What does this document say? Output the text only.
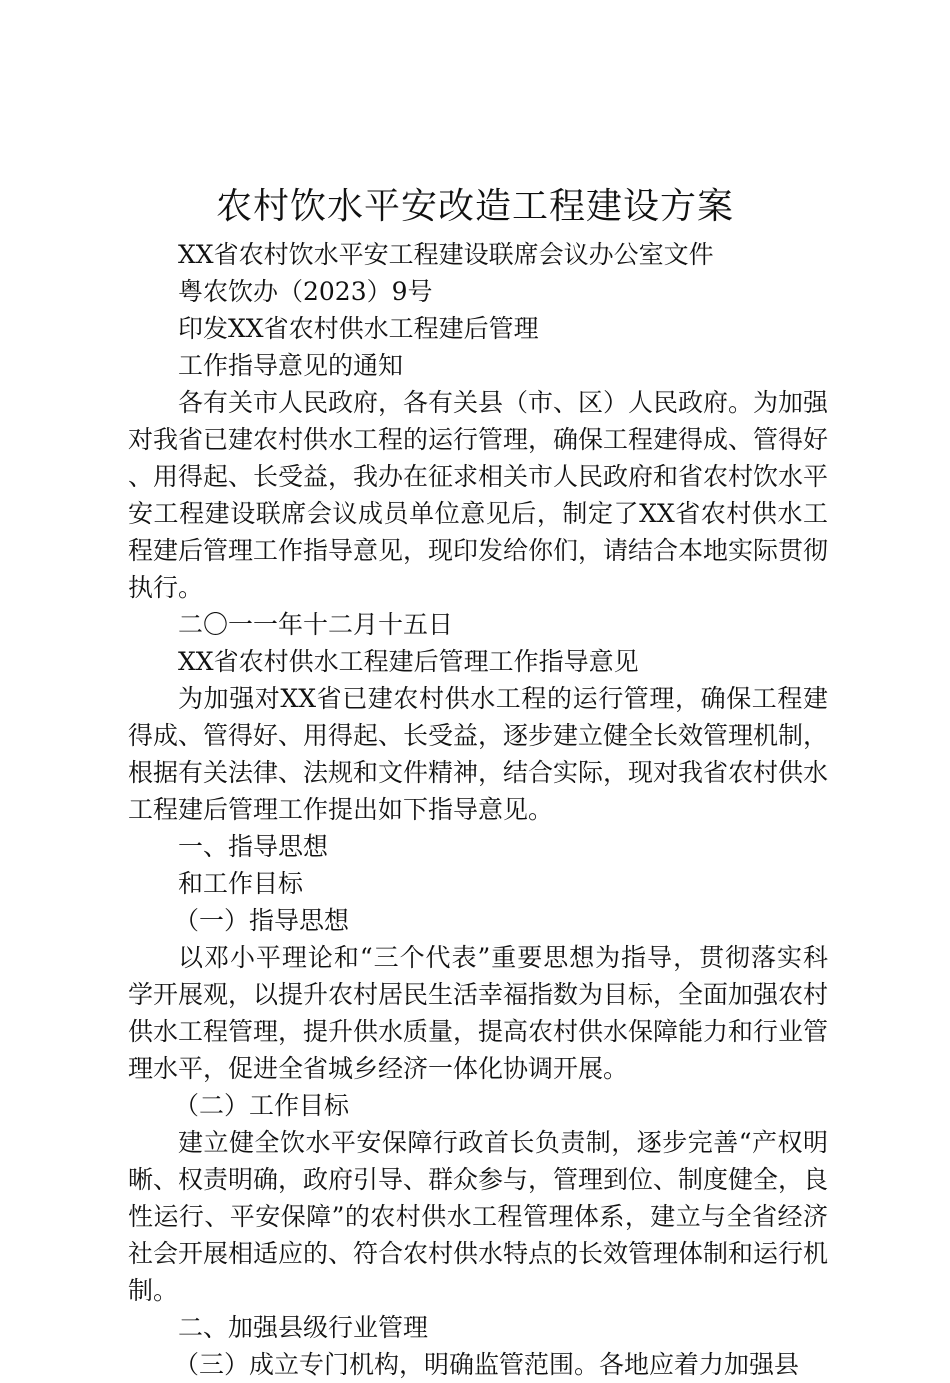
农村饮水平安改造工程建设方案

XX省农村饮水平安工程建设联席会议办公室文件

粤农饮办（2023）9号

印发XX省农村供水工程建后管理

工作指导意见的通知

各有关市人民政府，各有关县（市、区）人民政府。为加强对我省已建农村供水工程的运行管理，确保工程建得成、管得好、用得起、长受益，我办在征求相关市人民政府和省农村饮水平安工程建设联席会议成员单位意见后，制定了XX省农村供水工程建后管理工作指导意见，现印发给你们，请结合本地实际贯彻执行。

二〇一一年十二月十五日

XX省农村供水工程建后管理工作指导意见

为加强对XX省已建农村供水工程的运行管理，确保工程建得成、管得好、用得起、长受益，逐步建立健全长效管理机制，根据有关法律、法规和文件精神，结合实际，现对我省农村供水工程建后管理工作提出如下指导意见。

一、指导思想

和工作目标

（一）指导思想

以邓小平理论和“三个代表”重要思想为指导，贯彻落实科学开展观，以提升农村居民生活幸福指数为目标，全面加强农村供水工程管理，提升供水质量，提高农村供水保障能力和行业管理水平，促进全省城乡经济一体化协调开展。

（二）工作目标

建立健全饮水平安保障行政首长负责制，逐步完善“产权明晰、权责明确，政府引导、群众参与，管理到位、制度健全，良性运行、平安保障”的农村供水工程管理体系，建立与全省经济社会开展相适应的、符合农村供水特点的长效管理体制和运行机制。

二、加强县级行业管理

（三）成立专门机构，明确监管范围。各地应着力加强县
